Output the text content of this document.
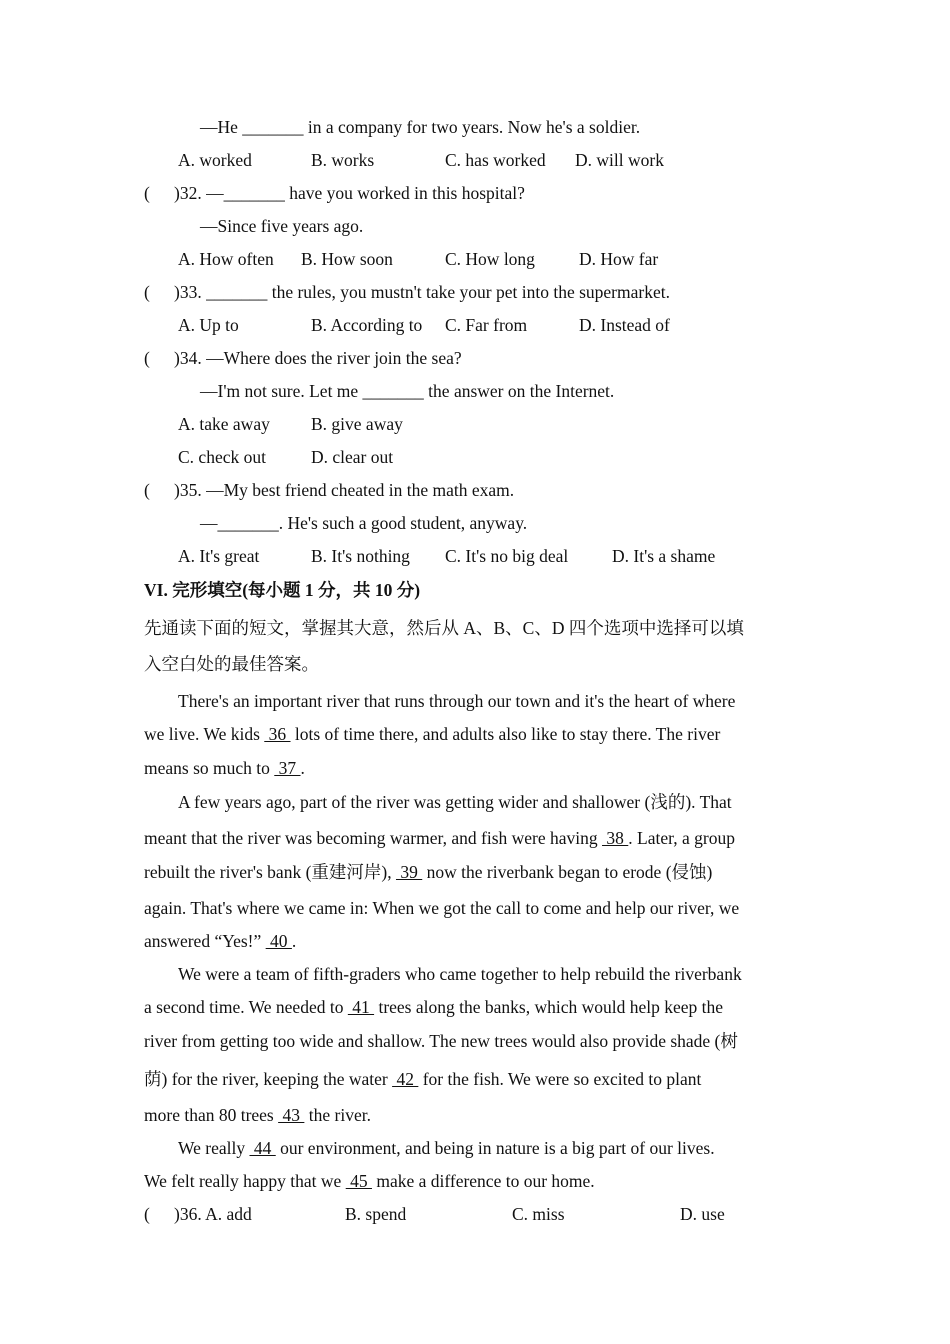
—He _______ in a company for two years. Now he's a soldier.
A. worked	B. works	C. has worked D. will work
( )32. —_______ have you worked in this hospital?
—Since five years ago.
A. How often B. How soon	C. How long	D. How far
( )33. _______ the rules, you mustn't take your pet into the supermarket.
A. Up to	B. According to C. Far from	D. Instead of
( )34. —Where does the river join the sea?
—I'm not sure. Let me _______ the answer on the Internet.
A. take away B. give away
C. check out	D. clear out
( )35. —My best friend cheated in the math exam.
—_______. He's such a good student, anyway.
A. It's great	B. It's nothing C. It's no big deal	D. It's a shame
VI. 完形填空(每小题 1 分，共 10 分)
先通读下面的短文，掌握其大意，然后从 A、B、C、D 四个选项中选择可以填
入空白处的最佳答案。
There's an important river that runs through our town and it's the heart of where
we live. We kids  36  lots of time there, and adults also like to stay there. The river
means so much to  37 .
A few years ago, part of the river was getting wider and shallower (浅的). That
meant that the river was becoming warmer, and fish were having  38 . Later, a group
rebuilt the river's bank (重建河岸),  39  now the riverbank began to erode (侵蚀)
again. That's where we came in: When we got the call to come and help our river, we
answered “Yes!”  40 .
We were a team of fifth-graders who came together to help rebuild the riverbank
a second time. We needed to  41  trees along the banks, which would help keep the
river from getting too wide and shallow. The new trees would also provide shade (树
荫) for the river, keeping the water  42  for the fish. We were so excited to plant
more than 80 trees  43  the river.
We really  44  our environment, and being in nature is a big part of our lives.
We felt really happy that we  45  make a difference to our home.
( )36. A. add	B. spend	C. miss	D. use
